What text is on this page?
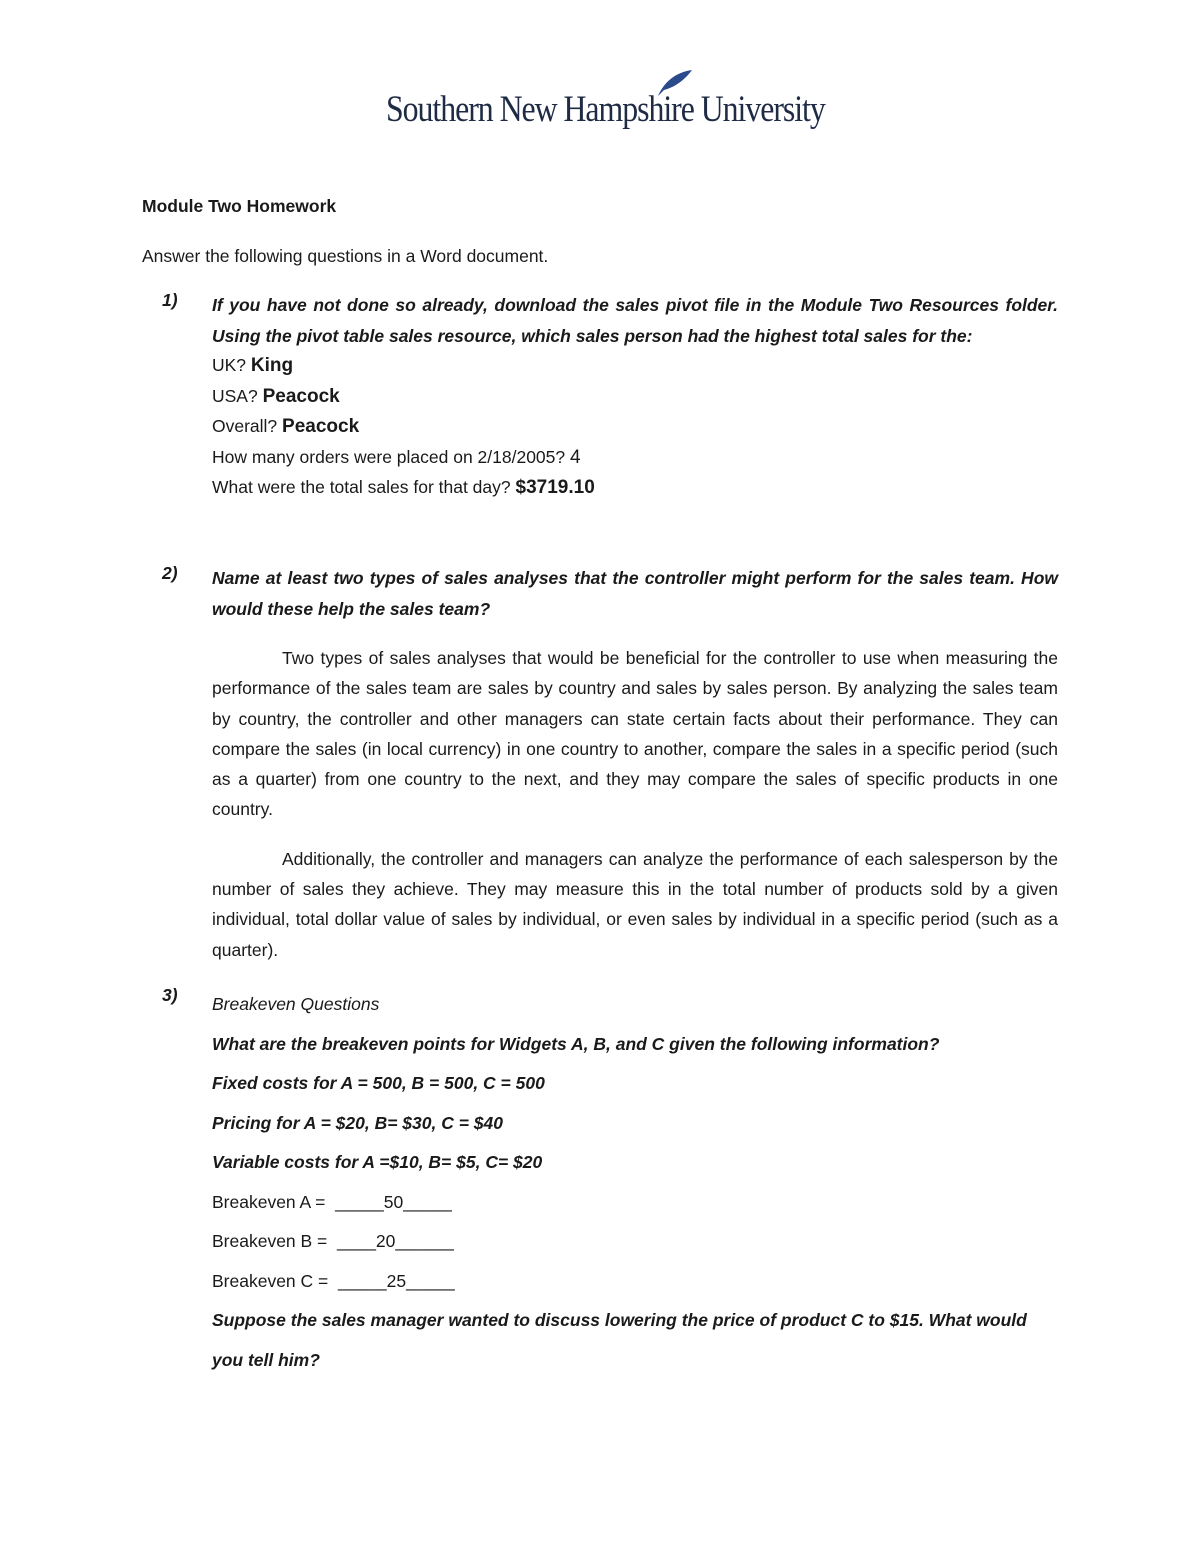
Southern New Hampshire University
Module Two Homework
Answer the following questions in a Word document.
1) If you have not done so already, download the sales pivot file in the Module Two Resources folder. Using the pivot table sales resource, which sales person had the highest total sales for the:
UK? King
USA? Peacock
Overall? Peacock
How many orders were placed on 2/18/2005? 4
What were the total sales for that day? $3719.10
2) Name at least two types of sales analyses that the controller might perform for the sales team. How would these help the sales team?

Two types of sales analyses that would be beneficial for the controller to use when measuring the performance of the sales team are sales by country and sales by sales person. By analyzing the sales team by country, the controller and other managers can state certain facts about their performance. They can compare the sales (in local currency) in one country to another, compare the sales in a specific period (such as a quarter) from one country to the next, and they may compare the sales of specific products in one country.

Additionally, the controller and managers can analyze the performance of each salesperson by the number of sales they achieve. They may measure this in the total number of products sold by a given individual, total dollar value of sales by individual, or even sales by individual in a specific period (such as a quarter).

3) Breakeven Questions
What are the breakeven points for Widgets A, B, and C given the following information?
Fixed costs for A = 500, B = 500, C = 500
Pricing for A = $20, B= $30, C = $40
Variable costs for A =$10, B= $5, C= $20
Breakeven A =  _____50_____
Breakeven B =  ____20______
Breakeven C =  _____25_____
Suppose the sales manager wanted to discuss lowering the price of product C to $15. What would you tell him?
